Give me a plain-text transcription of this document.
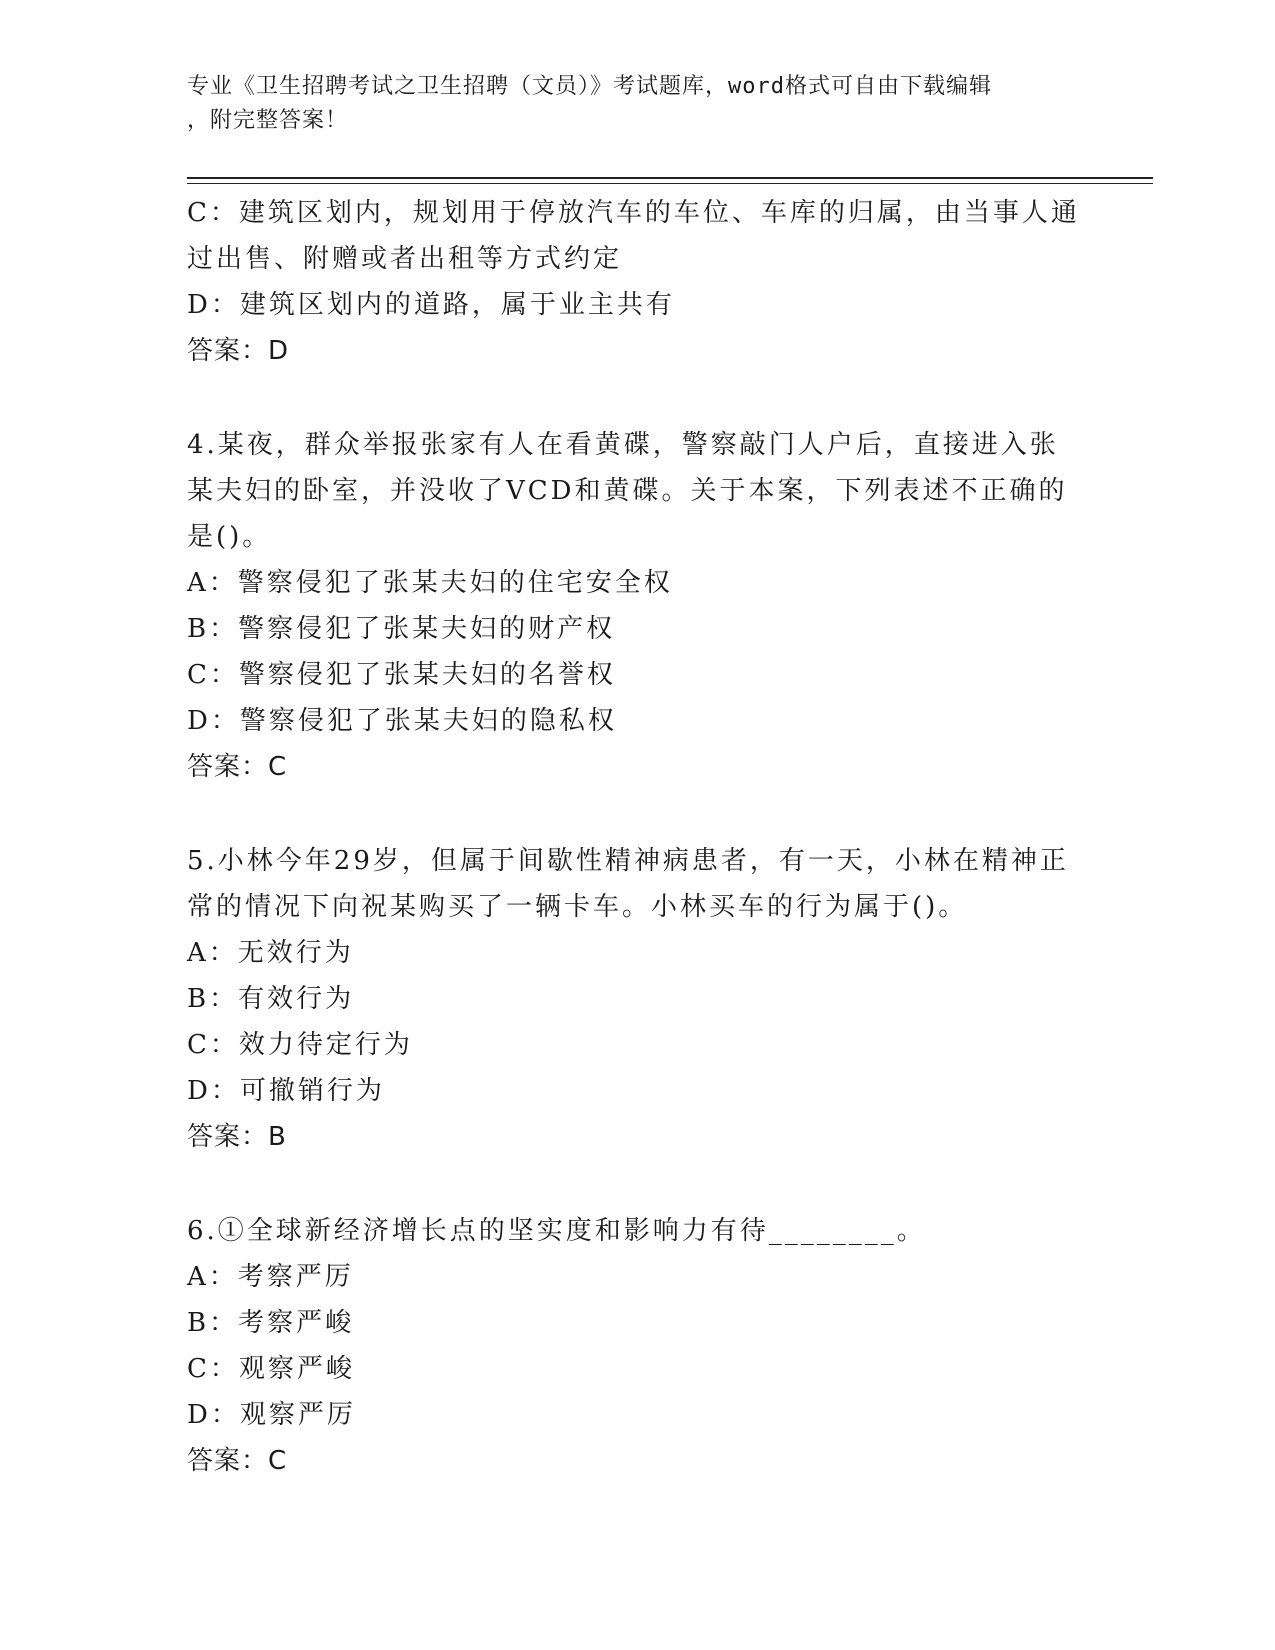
专业《卫生招聘考试之卫生招聘（文员）》考试题库，word格式可自由下载编辑
，附完整答案！
C：建筑区划内，规划用于停放汽车的车位、车库的归属，由当事人通过出售、附赠或者出租等方式约定
D：建筑区划内的道路，属于业主共有
答案：D
4.某夜，群众举报张家有人在看黄碟，警察敲门人户后，直接进入张某夫妇的卧室，并没收了VCD和黄碟。关于本案，下列表述不正确的是()。
A：警察侵犯了张某夫妇的住宅安全权
B：警察侵犯了张某夫妇的财产权
C：警察侵犯了张某夫妇的名誉权
D：警察侵犯了张某夫妇的隐私权
答案：C
5.小林今年29岁，但属于间歇性精神病患者，有一天，小林在精神正常的情况下向祝某购买了一辆卡车。小林买车的行为属于()。
A：无效行为
B：有效行为
C：效力待定行为
D：可撤销行为
答案：B
6.①全球新经济增长点的坚实度和影响力有待________。
A：考察严厉
B：考察严峻
C：观察严峻
D：观察严厉
答案：C
